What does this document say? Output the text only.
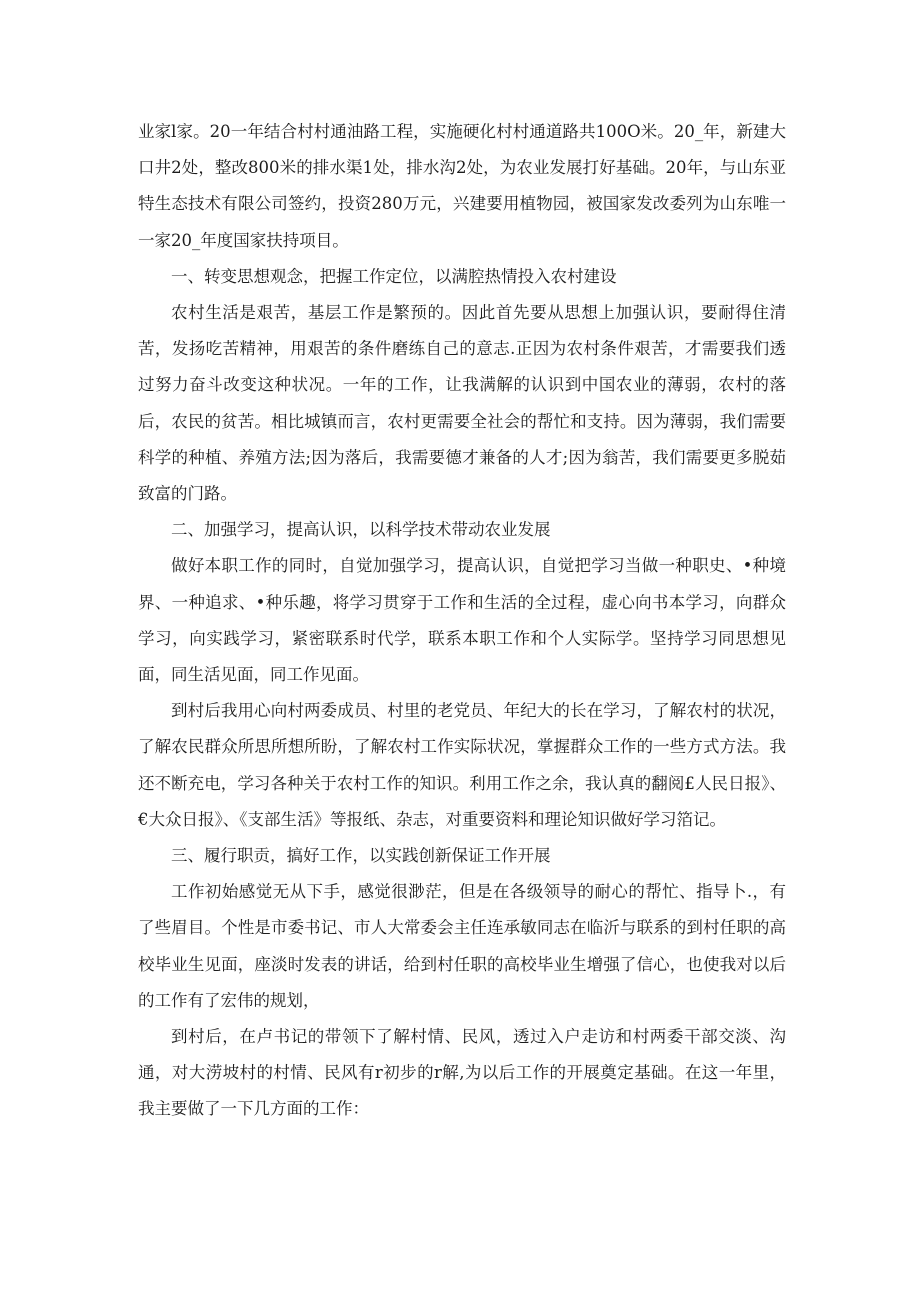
业家l家。20一年结合村村通油路工程，实施硬化村村通道路共100O米。20_年，新建大口井2处，整改800米的排水渠1处，排水沟2处，为农业发展打好基础。20年，与山东亚特生态技术有限公司签约，投资280万元，兴建要用植物园，被国家发改委列为山东唯一一家20_年度国家扶持项目。

一、转变思想观念，把握工作定位，以满腔热情投入农村建设

农村生活是艰苦，基层工作是繁预的。因此首先要从思想上加强认识，要耐得住清苦，发扬吃苦精神，用艰苦的条件磨练自己的意志.正因为农村条件艰苦，才需要我们透过努力奋斗改变这种状况。一年的工作，让我满解的认识到中国农业的薄弱，农村的落后，农民的贫苦。相比城镇而言，农村更需要全社会的帮忙和支持。因为薄弱，我们需要科学的种植、养殖方法;因为落后，我需要德才兼备的人才;因为翁苦，我们需要更多脱茹致富的门路。

二、加强学习，提高认识，以科学技术带动农业发展

做好本职工作的同时，自觉加强学习，提高认识，自觉把学习当做一种职史、•种境界、一种追求、•种乐趣，将学习贯穿于工作和生活的全过程，虚心向书本学习，向群众学习，向实践学习，紧密联系时代学，联系本职工作和个人实际学。坚持学习同思想见面，同生活见面，同工作见面。

到村后我用心向村两委成员、村里的老党员、年纪大的长在学习，了解农村的状况，了解农民群众所思所想所盼，了解农村工作实际状况，掌握群众工作的一些方式方法。我还不断充电，学习各种关于农村工作的知识。利用工作之余，我认真的翻阅£人民日报》、€大众日报》、《支部生活》等报纸、杂志，对重要资料和理论知识做好学习箔记。

三、履行职贡，搞好工作，以实践创新保证工作开展

工作初始感觉无从下手，感觉很渺茫，但是在各级领导的耐心的帮忙、指导卜.，有了些眉目。个性是市委书记、市人大常委会主任连承敏同志在临沂与联系的到村任职的高校毕业生见面，座淡时发表的讲话，给到村任职的高校毕业生增强了信心，也使我对以后的工作有了宏伟的规划，

到村后，在卢书记的带领下了解村情、民风，透过入户走访和村两委干部交淡、沟通，对大涝坡村的村情、民风有r初步的r解,为以后工作的开展奠定基础。在这一年里，我主要做了一下几方面的工作：
